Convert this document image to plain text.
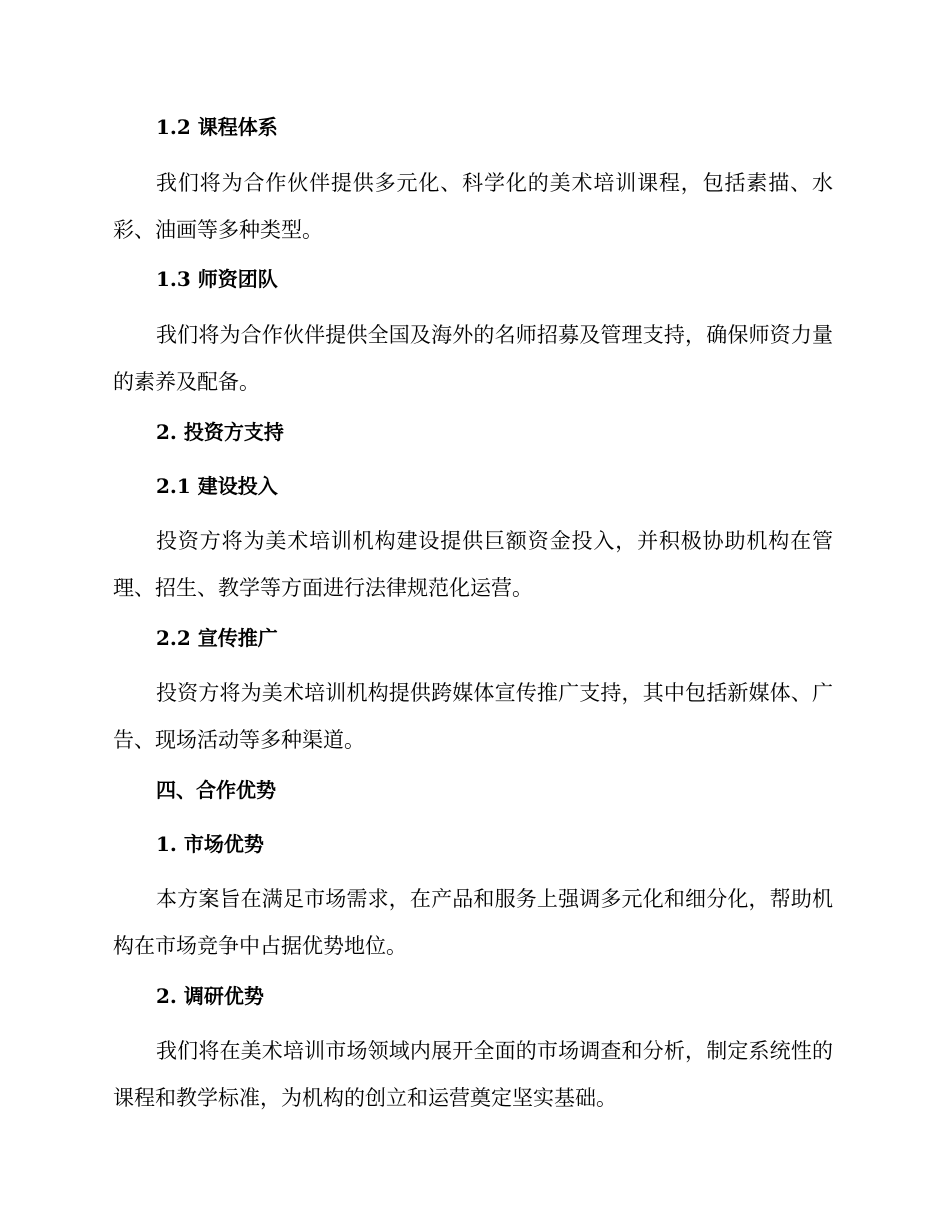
1.2 课程体系

我们将为合作伙伴提供多元化、科学化的美术培训课程，包括素描、水彩、油画等多种类型。

1.3 师资团队

我们将为合作伙伴提供全国及海外的名师招募及管理支持，确保师资力量的素养及配备。

2. 投资方支持
2.1 建设投入

投资方将为美术培训机构建设提供巨额资金投入，并积极协助机构在管理、招生、教学等方面进行法律规范化运营。

2.2 宣传推广

投资方将为美术培训机构提供跨媒体宣传推广支持，其中包括新媒体、广告、现场活动等多种渠道。

四、合作优势
1. 市场优势

本方案旨在满足市场需求，在产品和服务上强调多元化和细分化，帮助机构在市场竞争中占据优势地位。

2. 调研优势

我们将在美术培训市场领域内展开全面的市场调查和分析，制定系统性的课程和教学标准，为机构的创立和运营奠定坚实基础。
